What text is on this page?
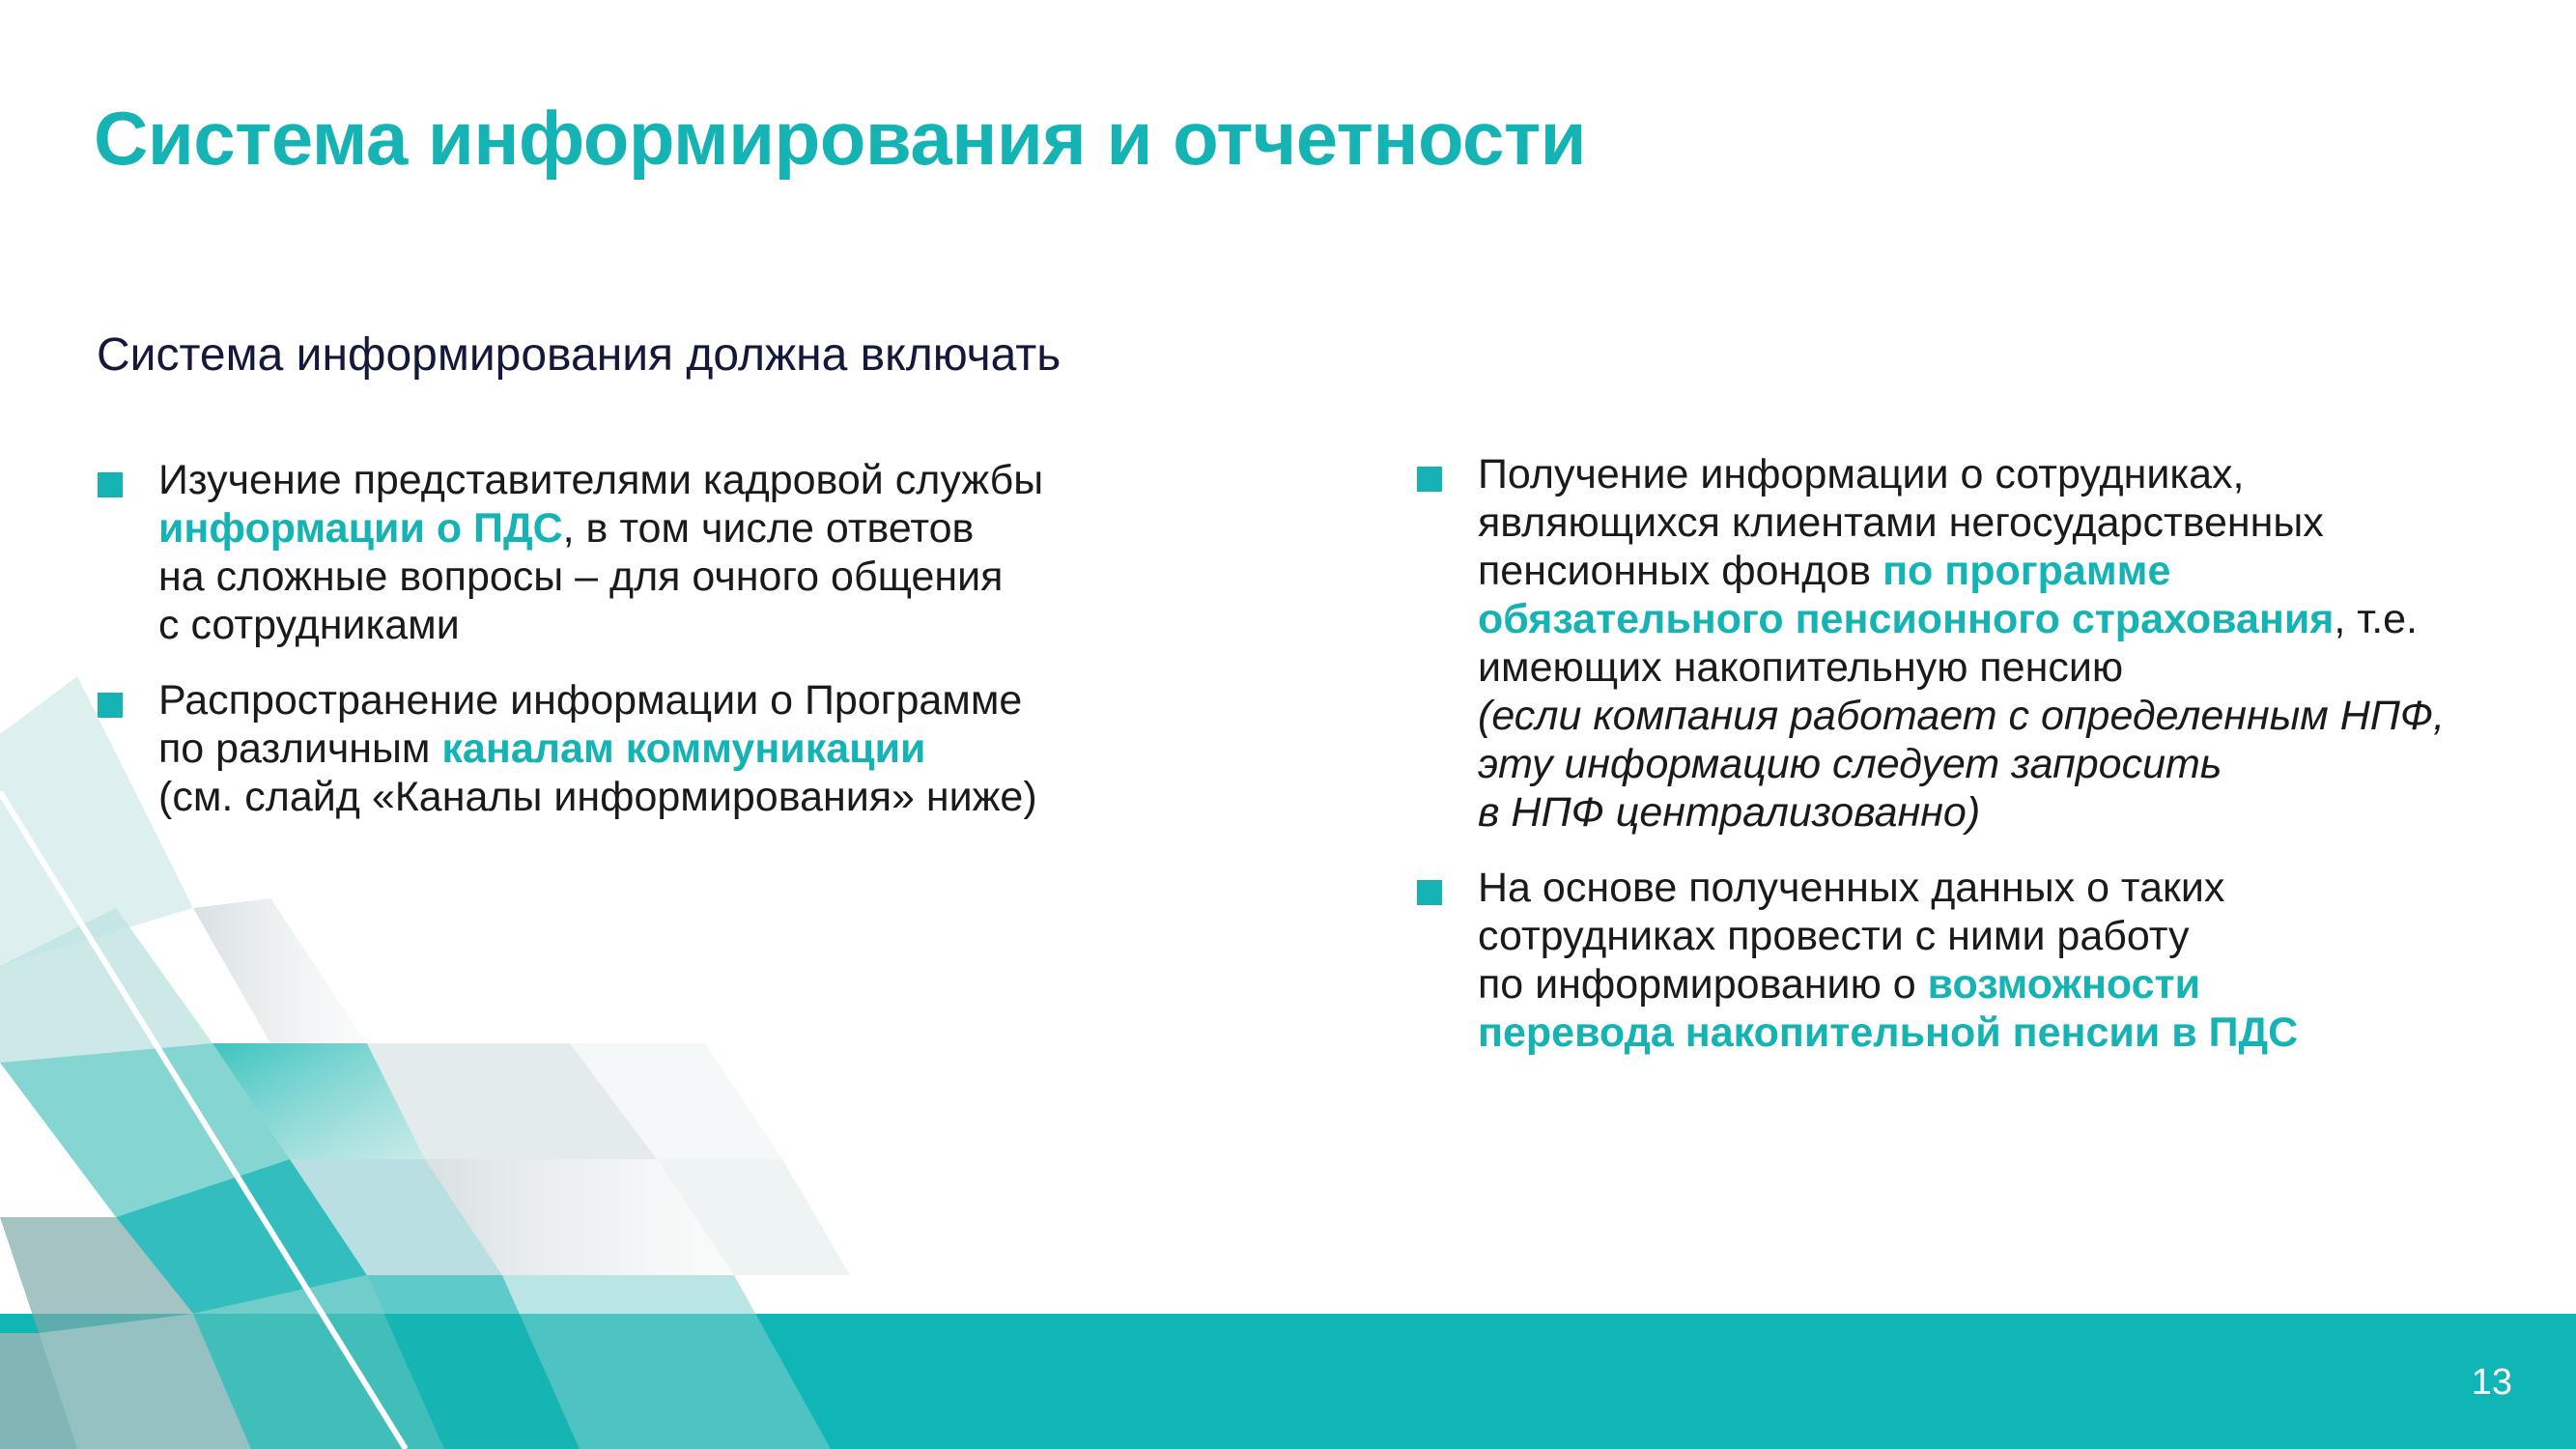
Система информирования и отчетности
Система информирования должна включать
Изучение представителями кадровой службы
информации о ПДС, в том числе ответов
на сложные вопросы – для очного общения
с сотрудниками
Распространение информации о Программе
по различным каналам коммуникации
(см. слайд «Каналы информирования» ниже)
Получение информации о сотрудниках,
являющихся клиентами негосударственных
пенсионных фондов по программе
обязательного пенсионного страхования, т.е.
имеющих накопительную пенсию
(если компания работает с определенным НПФ,
эту информацию следует запросить
в НПФ централизованно)
На основе полученных данных о таких
сотрудниках провести с ними работу
по информированию о возможности
перевода накопительной пенсии в ПДС
13
